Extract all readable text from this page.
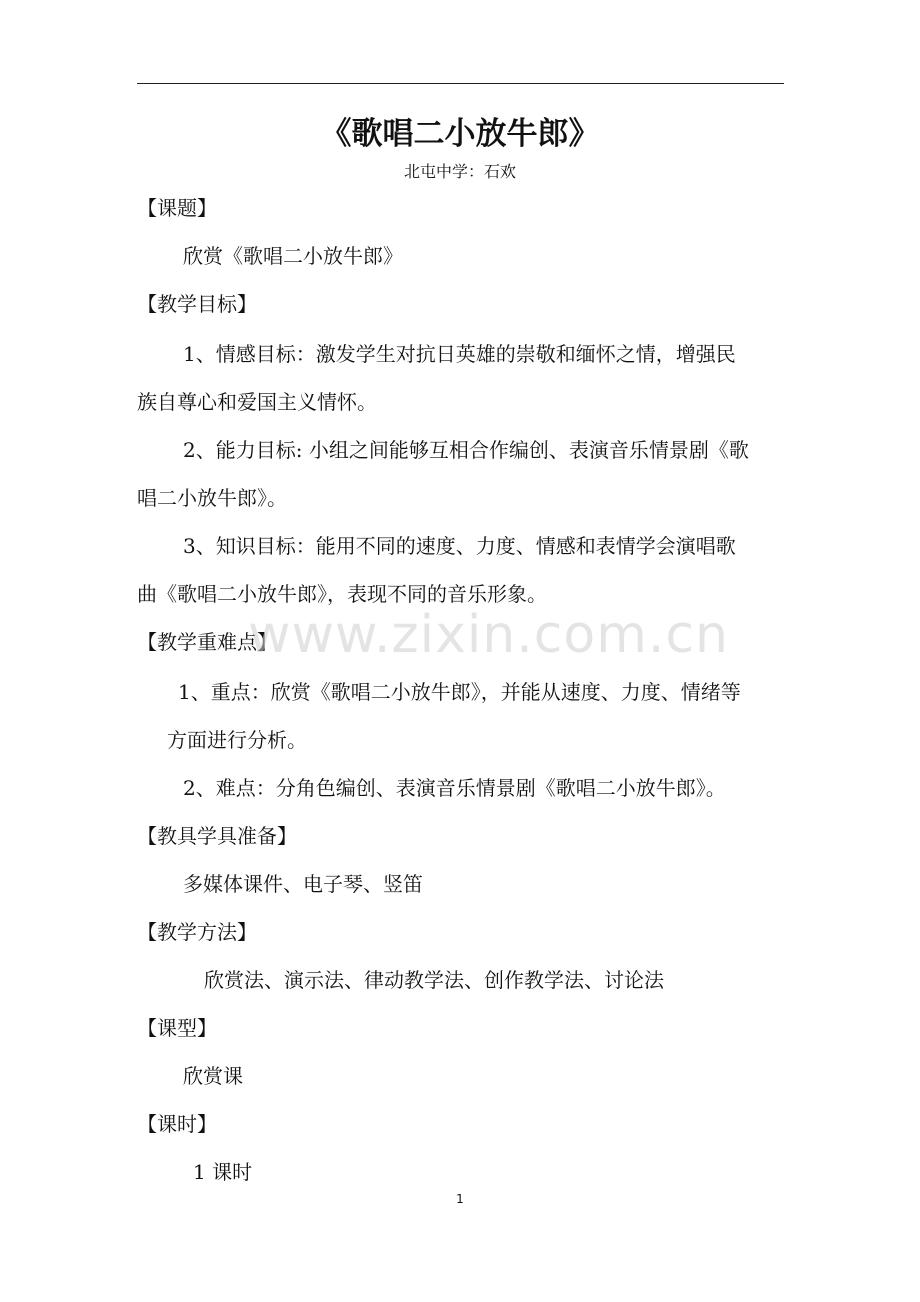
《歌唱二小放牛郎》
北屯中学：石欢
【课题】
欣赏《歌唱二小放牛郎》
【教学目标】
1、情感目标：激发学生对抗日英雄的崇敬和缅怀之情，增强民
族自尊心和爱国主义情怀。
2、能力目标: 小组之间能够互相合作编创、表演音乐情景剧《歌
唱二小放牛郎》。
3、知识目标：能用不同的速度、力度、情感和表情学会演唱歌
曲《歌唱二小放牛郎》，表现不同的音乐形象。
【教学重难点】
1、重点：欣赏《歌唱二小放牛郎》，并能从速度、力度、情绪等
方面进行分析。
2、难点：分角色编创、表演音乐情景剧《歌唱二小放牛郎》。
【教具学具准备】
多媒体课件、电子琴、竖笛
【教学方法】
欣赏法、演示法、律动教学法、创作教学法、讨论法
【课型】
欣赏课
【课时】
1 课时
www.zixin.com.cn
1
